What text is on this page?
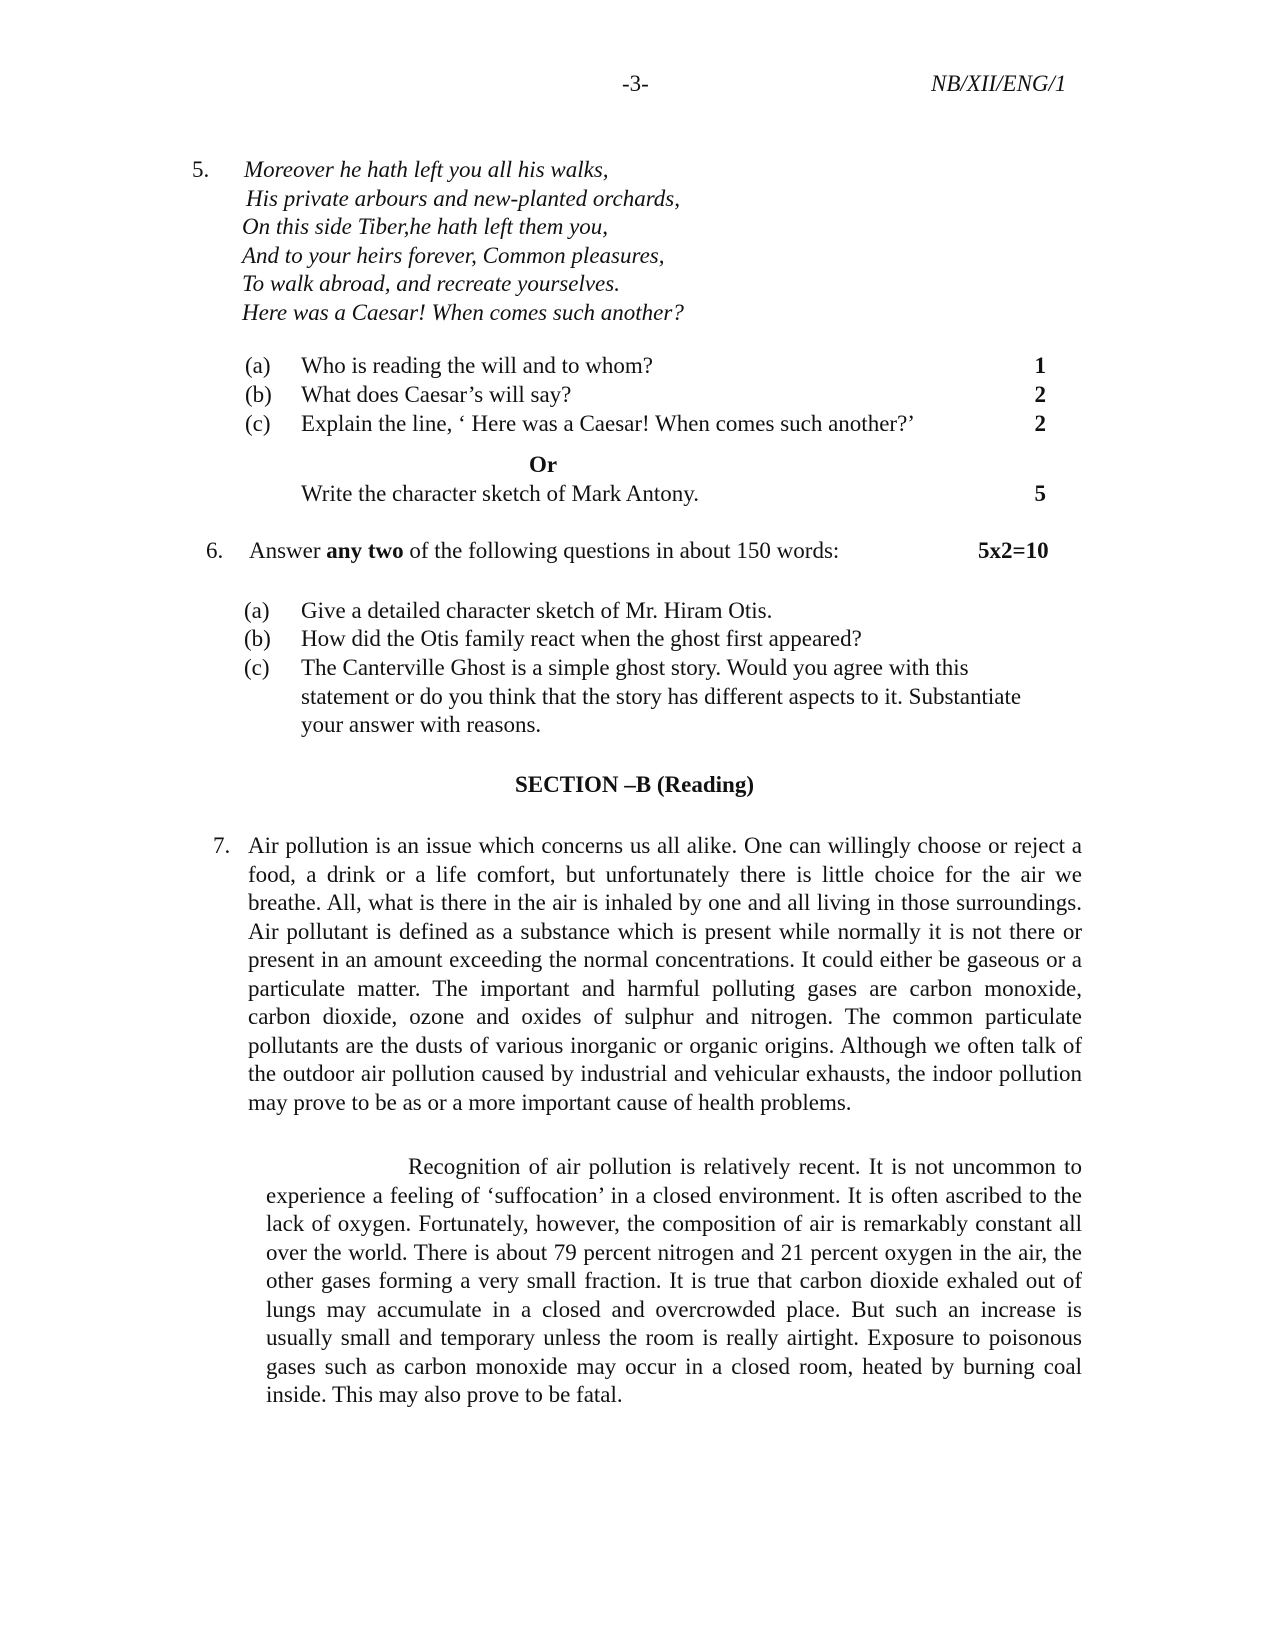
-3-	NB/XII/ENG/1
5. Moreover he hath left you all his walks,
His private arbours and new-planted orchards,
On this side Tiber,he hath left them you,
And to your heirs forever, Common pleasures,
To walk abroad, and recreate yourselves.
Here was a Caesar! When comes such another?
(a) Who is reading the will and to whom?	1
(b) What does Caesar’s will say?	2
(c) Explain the line, ‘ Here was a Caesar! When comes such another?’	2
Or
Write the character sketch of Mark Antony.	5
6. Answer any two of the following questions in about 150 words:	5x2=10
(a) Give a detailed character sketch of Mr. Hiram Otis.
(b) How did the Otis family react when the ghost first appeared?
(c) The Canterville Ghost is a simple ghost story. Would you agree with this statement or do you think that the story has different aspects to it. Substantiate your answer with reasons.
SECTION –B (Reading)
7. Air pollution is an issue which concerns us all alike. One can willingly choose or reject a food, a drink or a life comfort, but unfortunately there is little choice for the air we breathe. All, what is there in the air is inhaled by one and all living in those surroundings. Air pollutant is defined as a substance which is present while normally it is not there or present in an amount exceeding the normal concentrations. It could either be gaseous or a particulate matter. The important and harmful polluting gases are carbon monoxide, carbon dioxide, ozone and oxides of sulphur and nitrogen. The common particulate pollutants are the dusts of various inorganic or organic origins. Although we often talk of the outdoor air pollution caused by industrial and vehicular exhausts, the indoor pollution may prove to be as or a more important cause of health problems.
Recognition of air pollution is relatively recent. It is not uncommon to experience a feeling of ‘suffocation’ in a closed environment. It is often ascribed to the lack of oxygen. Fortunately, however, the composition of air is remarkably constant all over the world. There is about 79 percent nitrogen and 21 percent oxygen in the air, the other gases forming a very small fraction. It is true that carbon dioxide exhaled out of lungs may accumulate in a closed and overcrowded place. But such an increase is usually small and temporary unless the room is really airtight. Exposure to poisonous gases such as carbon monoxide may occur in a closed room, heated by burning coal inside. This may also prove to be fatal.
